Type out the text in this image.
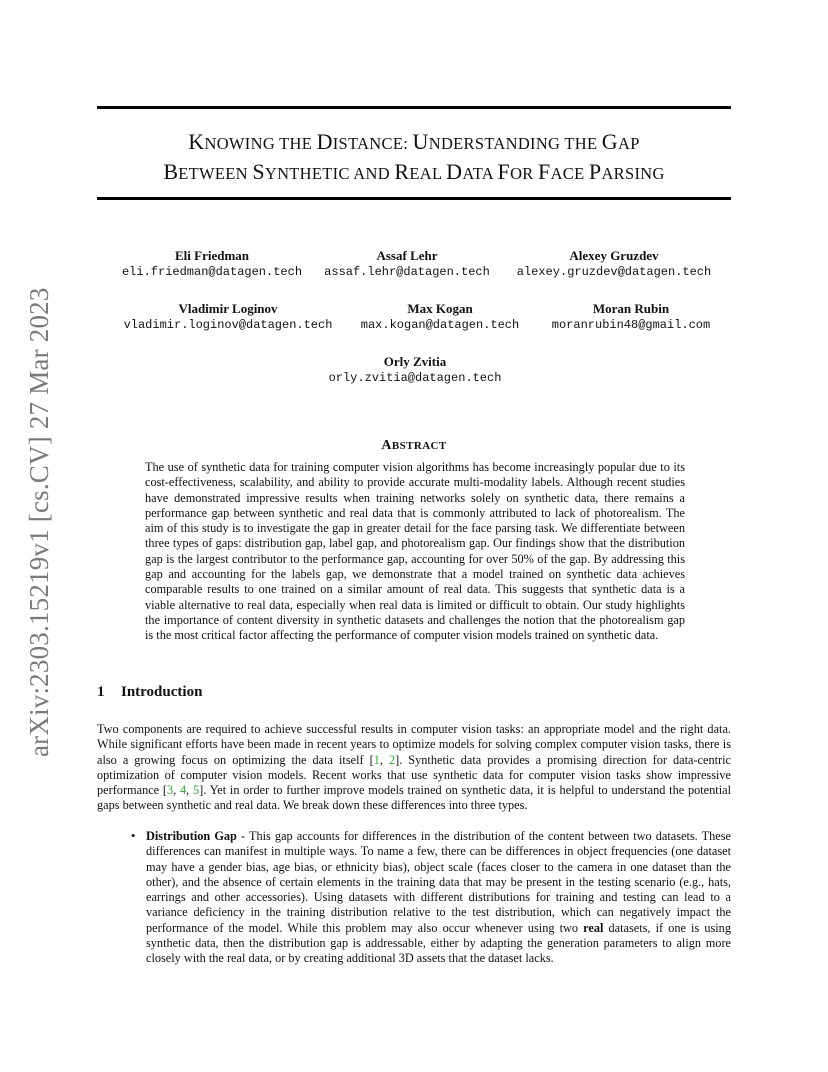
arXiv:2303.15219v1 [cs.CV] 27 Mar 2023
KNOWING THE DISTANCE: UNDERSTANDING THE GAP
BETWEEN SYNTHETIC AND REAL DATA FOR FACE PARSING
Eli Friedman
eli.friedman@datagen.tech
Assaf Lehr
assaf.lehr@datagen.tech
Alexey Gruzdev
alexey.gruzdev@datagen.tech
Vladimir Loginov
vladimir.loginov@datagen.tech
Max Kogan
max.kogan@datagen.tech
Moran Rubin
moranrubin48@gmail.com
Orly Zvitia
orly.zvitia@datagen.tech
ABSTRACT
The use of synthetic data for training computer vision algorithms has become increasingly popular due to its cost-effectiveness, scalability, and ability to provide accurate multi-modality labels. Although recent studies have demonstrated impressive results when training networks solely on synthetic data, there remains a performance gap between synthetic and real data that is commonly attributed to lack of photorealism. The aim of this study is to investigate the gap in greater detail for the face parsing task. We differentiate between three types of gaps: distribution gap, label gap, and photorealism gap. Our findings show that the distribution gap is the largest contributor to the performance gap, accounting for over 50% of the gap. By addressing this gap and accounting for the labels gap, we demonstrate that a model trained on synthetic data achieves comparable results to one trained on a similar amount of real data. This suggests that synthetic data is a viable alternative to real data, especially when real data is limited or difficult to obtain. Our study highlights the importance of content diversity in synthetic datasets and challenges the notion that the photorealism gap is the most critical factor affecting the performance of computer vision models trained on synthetic data.
1 Introduction
Two components are required to achieve successful results in computer vision tasks: an appropriate model and the right data. While significant efforts have been made in recent years to optimize models for solving complex computer vision tasks, there is also a growing focus on optimizing the data itself [1, 2]. Synthetic data provides a promising direction for data-centric optimization of computer vision models. Recent works that use synthetic data for computer vision tasks show impressive performance [3, 4, 5]. Yet in order to further improve models trained on synthetic data, it is helpful to understand the potential gaps between synthetic and real data. We break down these differences into three types.
• Distribution Gap - This gap accounts for differences in the distribution of the content between two datasets. These differences can manifest in multiple ways. To name a few, there can be differences in object frequencies (one dataset may have a gender bias, age bias, or ethnicity bias), object scale (faces closer to the camera in one dataset than the other), and the absence of certain elements in the training data that may be present in the testing scenario (e.g., hats, earrings and other accessories). Using datasets with different distributions for training and testing can lead to a variance deficiency in the training distribution relative to the test distribution, which can negatively impact the performance of the model. While this problem may also occur whenever using two real datasets, if one is using synthetic data, then the distribution gap is addressable, either by adapting the generation parameters to align more closely with the real data, or by creating additional 3D assets that the dataset lacks.
